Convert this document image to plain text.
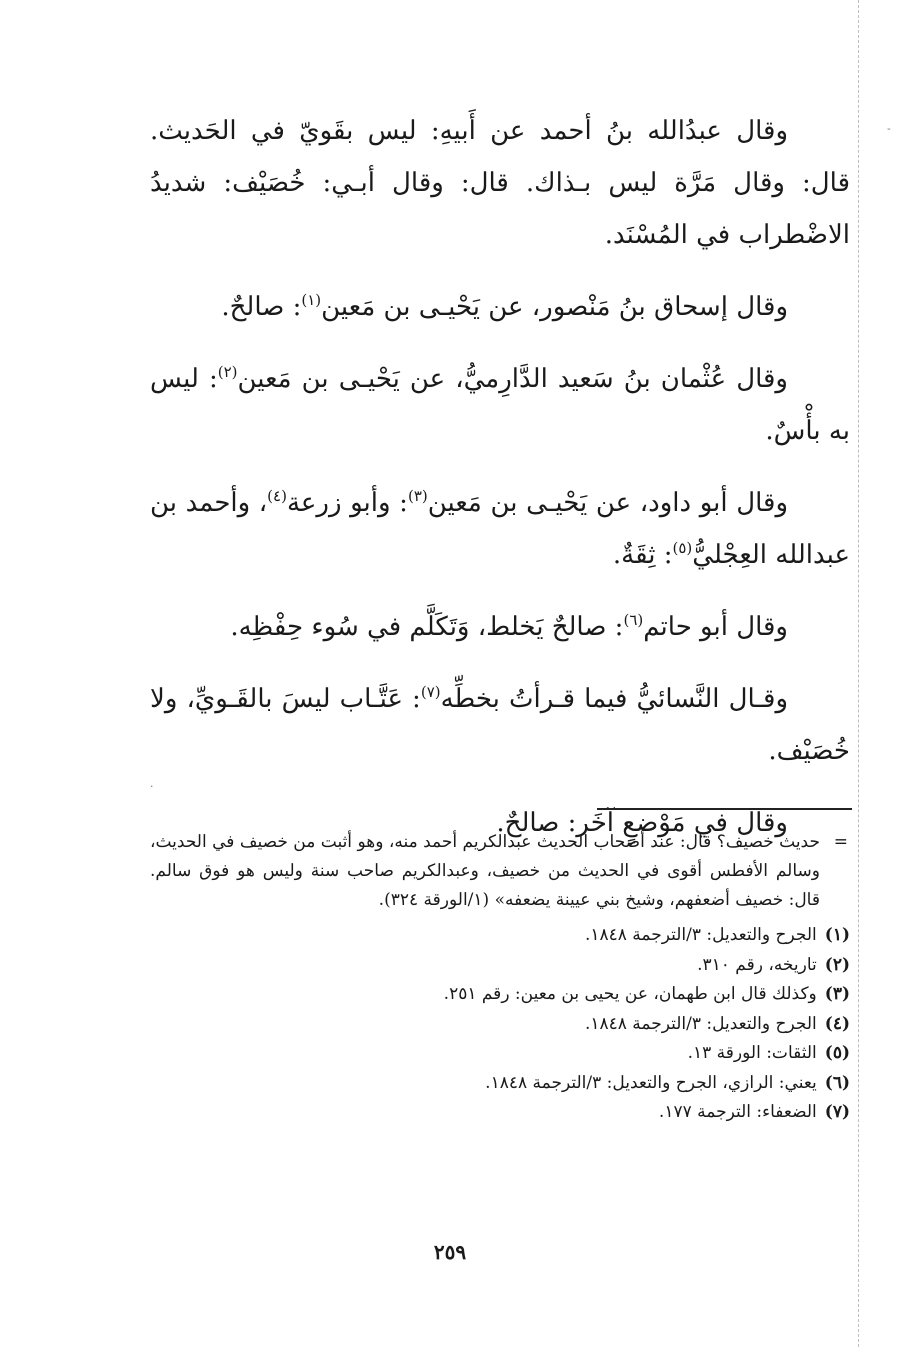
-
·

وقال عبدُالله بنُ أحمد عن أَبيهِ: ليس بقَويّ في الحَديث. قال: وقال مَرَّة ليس بـذاك. قال: وقال أبـي: خُصَيْف: شديدُ الاضْطراب في المُسْنَد.

وقال إسحاق بنُ مَنْصور، عن يَحْيـى بن مَعين$^{(١)}$: صالحٌ.

وقال عُثْمان بنُ سَعيد الدَّارِميُّ، عن يَحْيـى بن مَعين$^{(٢)}$: ليس به بأْسٌ.

وقال أبو داود، عن يَحْيـى بن مَعين$^{(٣)}$: وأبو زرعة$^{(٤)}$، وأحمد بن عبدالله العِجْليُّ$^{(٥)}$: ثِقَةٌ.

وقال أبو حاتم$^{(٦)}$: صالحٌ يَخلط، وَتَكَلَّم في سُوء حِفْظِه.

وقـال النَّسائيُّ فيما قـرأتُ بخطِّه$^{(٧)}$: عَتَّـاب ليسَ بالقَـويِّ، ولا خُصَيْف.

وقال في مَوْضعٍ آخَر: صالحٌ.

=
حديث خصيف؟ قال: عند أصحاب الحديث عبدالكريم أحمد منه، وهو أثبت من خصيف في الحديث، وسالم الأفطس أقوى في الحديث من خصيف، وعبدالكريم صاحب سنة وليس هو فوق سالم. قال: خصيف أضعفهم، وشيخ بني عيينة يضعفه» (١/الورقة ٣٢٤).
(١)
الجرح والتعديل: ٣/الترجمة ١٨٤٨.
(٢)
تاريخه، رقم ٣١٠.
(٣)
وكذلك قال ابن طهمان، عن يحيى بن معين: رقم ٢٥١.
(٤)
الجرح والتعديل: ٣/الترجمة ١٨٤٨.
(٥)
الثقات: الورقة ١٣.
(٦)
يعني: الرازي، الجرح والتعديل: ٣/الترجمة ١٨٤٨.
(٧)
الضعفاء: الترجمة ١٧٧.
٢٥٩
